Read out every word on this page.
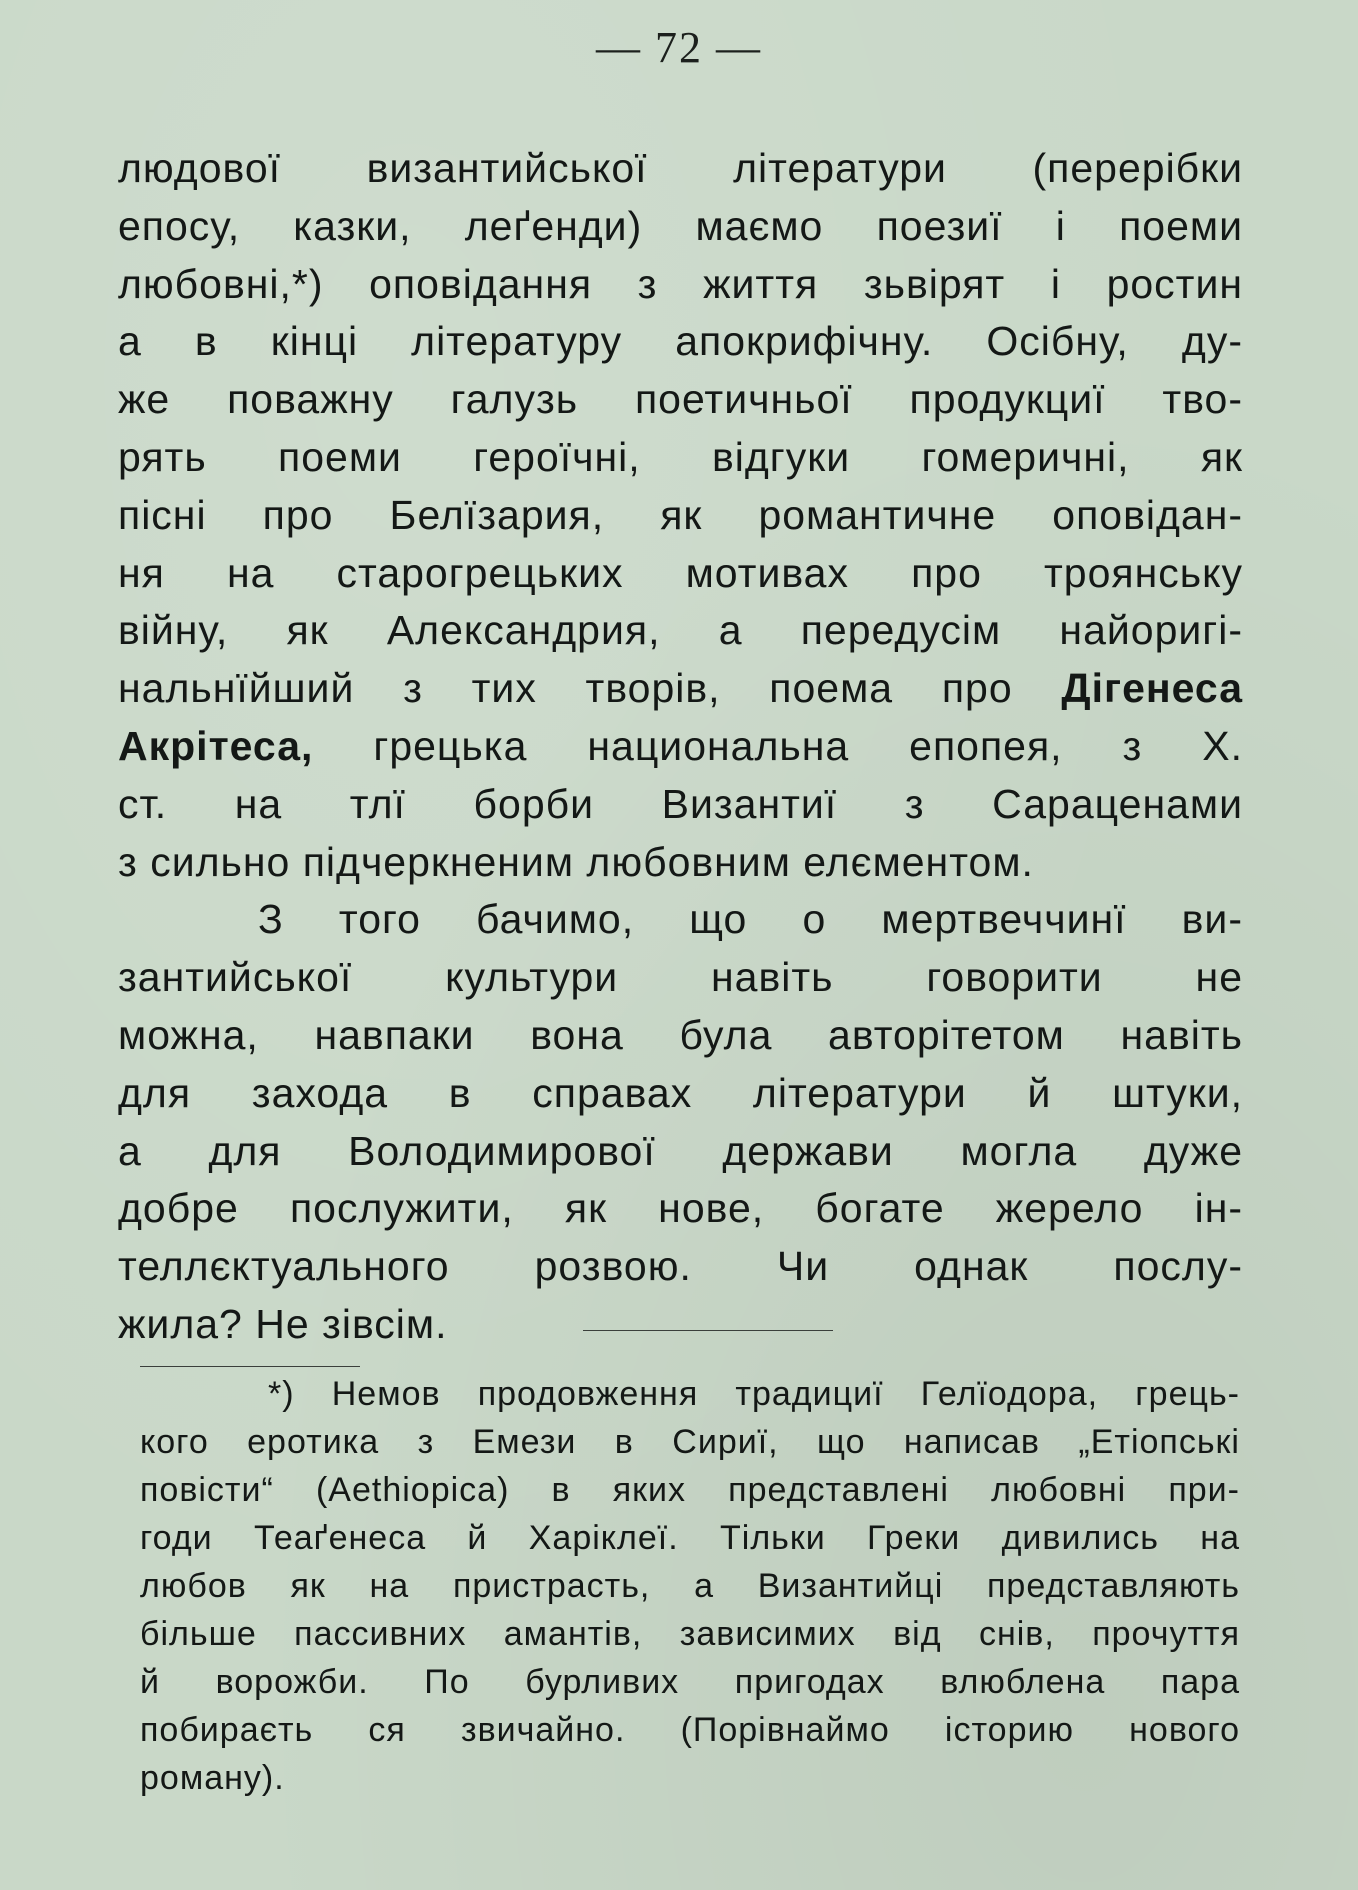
— 72 —
людової византийської літератури (перерібки
епосу, казки, леґенди) маємо поезиї і поеми
любовні,*) оповідання з життя зьвірят і ростин
а в кінці літературу апокрифічну. Осібну, ду-
же поважну галузь поетичньої продукциї тво-
рять поеми героїчні, відгуки гомеричні, як
пісні про Белїзария, як романтичне оповідан-
ня на старогрецьких мотивах про троянську
війну, як Александрия, а передусім найоригі-
нальнїйший з тих творів, поема про Дігенеса
Акрітеса, грецька национальна епопея, з X.
ст. на тлї борби Византиї з Сараценами
з сильно підчеркненим любовним елєментом.
З того бачимо, що о мертвеччинї ви-
зантийської культури навіть говорити не
можна, навпаки вона була авторітетом навіть
для захода в справах літератури й штуки,
а для Володимирової держави могла дуже
добре послужити, як нове, богате жерело ін-
теллєктуального розвою. Чи однак послу-
жила? Не зівсім.
*) Немов продовження традициї Гелїодора, грець-
кого еротика з Емези в Сириї, що написав „Етіопські
повісти“ (Aethiopica) в яких представлені любовні при-
годи Теаґенеса й Харіклеї. Тільки Греки дивились на
любов як на пристрасть, а Византийці представляють
більше пассивних амантів, зависимих від снів, прочуття
й ворожби. По бурливих пригодах влюблена пара
побираєть ся звичайно. (Порівнаймо історию нового
роману).
